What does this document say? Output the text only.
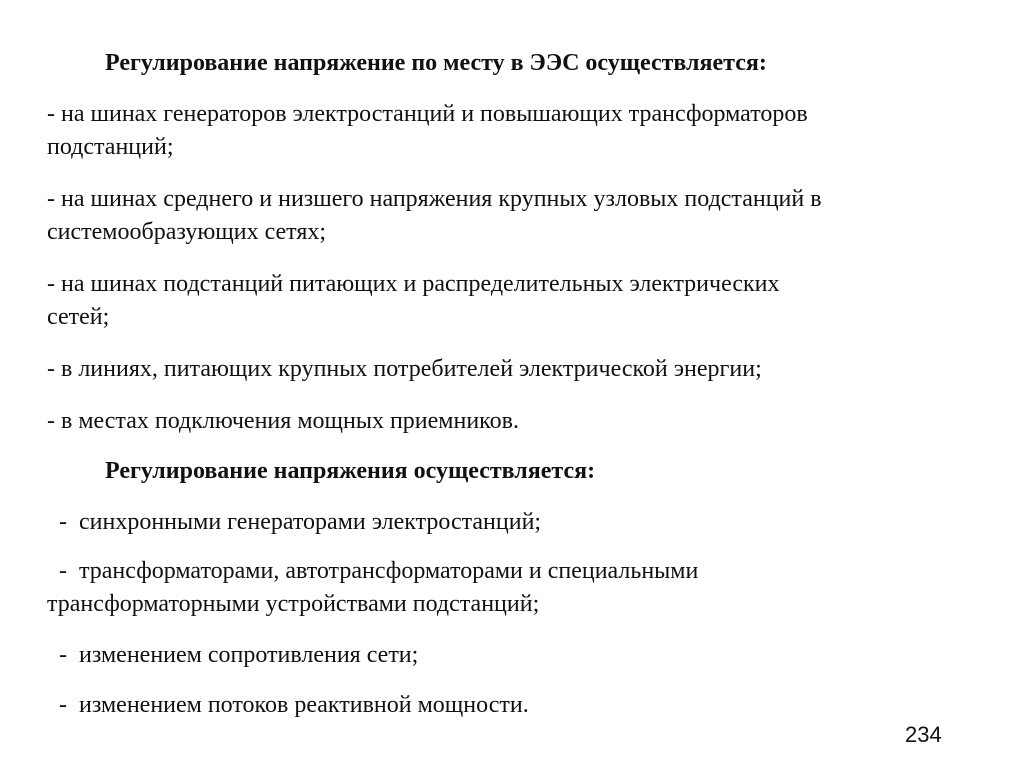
Регулирование напряжение по месту в ЭЭС осуществляется:
- на шинах генераторов электростанций и повышающих трансформаторов
подстанций;
- на шинах среднего и низшего напряжения крупных узловых подстанций в
системообразующих сетях;
- на шинах подстанций питающих и распределительных электрических
сетей;
- в линиях, питающих крупных потребителей электрической энергии;
- в местах подключения мощных приемников.
Регулирование напряжения осуществляется:
-  синхронными генераторами электростанций;
-  трансформаторами, автотрансформаторами и специальными
трансформаторными устройствами подстанций;
-  изменением сопротивления сети;
-  изменением потоков реактивной мощности.
234
